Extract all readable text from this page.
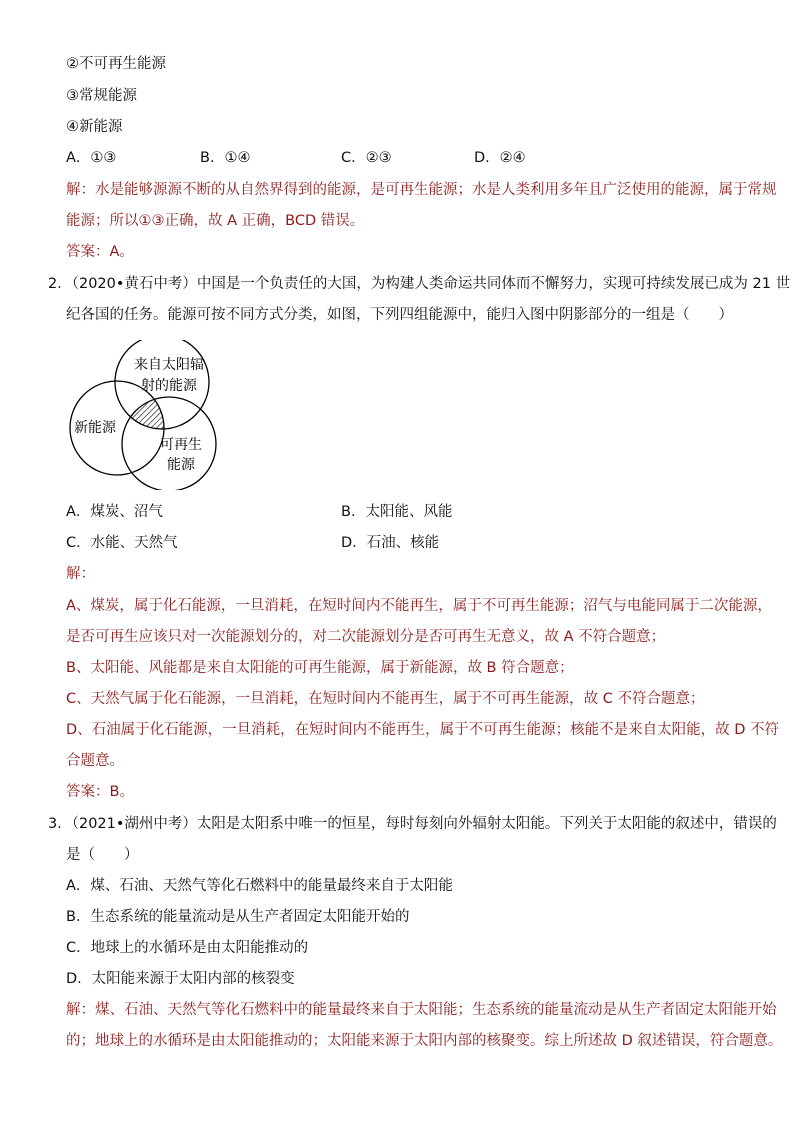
②不可再生能源
③常规能源
④新能源
A．①③	B．①④	C．②③	D．②④
解：水是能够源源不断的从自然界得到的能源，是可再生能源；水是人类利用多年且广泛使用的能源，属于常规
能源；所以①③正确，故 A 正确，BCD 错误。
答案：A。
2．（2020•黄石中考）中国是一个负责任的大国，为构建人类命运共同体而不懈努力，实现可持续发展已成为 21 世
纪各国的任务。能源可按不同方式分类，如图，下列四组能源中，能归入图中阴影部分的一组是（　　）
来自太阳辐
射的能源
新能源
可再生
能源
A．煤炭、沼气	B．太阳能、风能
C．水能、天然气	D．石油、核能
解：
A、煤炭，属于化石能源，一旦消耗，在短时间内不能再生，属于不可再生能源；沼气与电能同属于二次能源，
是否可再生应该只对一次能源划分的，对二次能源划分是否可再生无意义，故 A 不符合题意；
B、太阳能、风能都是来自太阳能的可再生能源，属于新能源，故 B 符合题意；
C、天然气属于化石能源，一旦消耗，在短时间内不能再生，属于不可再生能源，故 C 不符合题意；
D、石油属于化石能源，一旦消耗，在短时间内不能再生，属于不可再生能源；核能不是来自太阳能，故 D 不符
合题意。
答案：B。
3．（2021•湖州中考）太阳是太阳系中唯一的恒星，每时每刻向外辐射太阳能。下列关于太阳能的叙述中，错误的
是（　　）
A．煤、石油、天然气等化石燃料中的能量最终来自于太阳能
B．生态系统的能量流动是从生产者固定太阳能开始的
C．地球上的水循环是由太阳能推动的
D．太阳能来源于太阳内部的核裂变
解：煤、石油、天然气等化石燃料中的能量最终来自于太阳能；生态系统的能量流动是从生产者固定太阳能开始
的；地球上的水循环是由太阳能推动的；太阳能来源于太阳内部的核聚变。综上所述故 D 叙述错误，符合题意。
